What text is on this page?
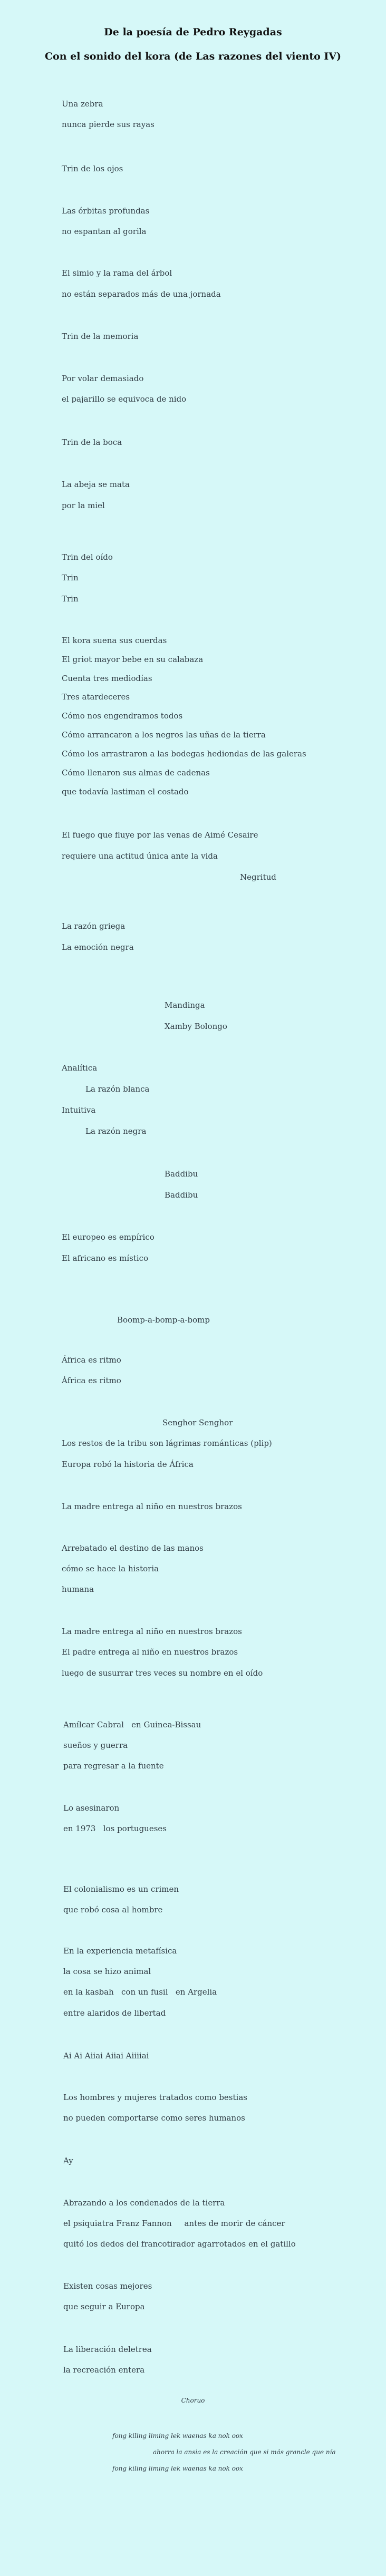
De la poesía de Pedro Reygadas
Con el sonido del kora (de Las razones del viento IV)
Una zebra
nunca pierde sus rayas
Trin de los ojos
Las órbitas profundas
no espantan al gorila
El simio y la rama del árbol
no están separados más de una jornada
Trin de la memoria
Por volar demasiado
el pajarillo se equivoca de nido
Trin de la boca
La abeja se mata
por la miel
Trin del oído
Trin
Trin
El kora suena sus cuerdas
El griot mayor bebe en su calabaza
Cuenta tres mediodías
Tres atardeceres
Cómo nos engendramos todos
Cómo arrancaron a los negros las uñas de la tierra
Cómo los arrastraron a las bodegas hediondas de las galeras
Cómo llenaron sus almas de cadenas
que todavía lastiman el costado
El fuego que fluye por las venas de Aimé Cesaire
requiere una actitud única ante la vida
Negritud
La razón griega
La emoción negra
Mandinga
Xamby Bolongo
Analítica
La razón blanca
Intuitiva
La razón negra
Baddibu
Baddibu
El europeo es empírico
El africano es místico
Boomp-a-bomp-a-bomp
África es ritmo
África es ritmo
Senghor Senghor
Los restos de la tribu son lágrimas románticas (plip)
Europa robó la historia de África
La madre entrega al niño en nuestros brazos
Arrebatado el destino de las manos
cómo se hace la historia
humana
La madre entrega al niño en nuestros brazos
El padre entrega al niño en nuestros brazos
luego de susurrar tres veces su nombre en el oído
Amílcar Cabral   en Guinea-Bissau
sueños y guerra
para regresar a la fuente
Lo asesinaron
en 1973   los portugueses
El colonialismo es un crimen
que robó cosa al hombre
En la experiencia metafísica
la cosa se hizo animal
en la kasbah   con un fusil   en Argelia
entre alaridos de libertad
Ai Ai Aiiai Aiiai Aiiiiai
Los hombres y mujeres tratados como bestias
no pueden comportarse como seres humanos
Ay
Abrazando a los condenados de la tierra
el psiquiatra Franz Fannon     antes de morir de cáncer
quitó los dedos del francotirador agarrotados en el gatillo
Existen cosas mejores
que seguir a Europa
La liberación deletrea
la recreación entera
Choruo
fong kiling liming lek waenas ka nok oox
ahorra la ansia es la creación que si más grancle que nía
fong kiling liming lek waenas ka nok oox
